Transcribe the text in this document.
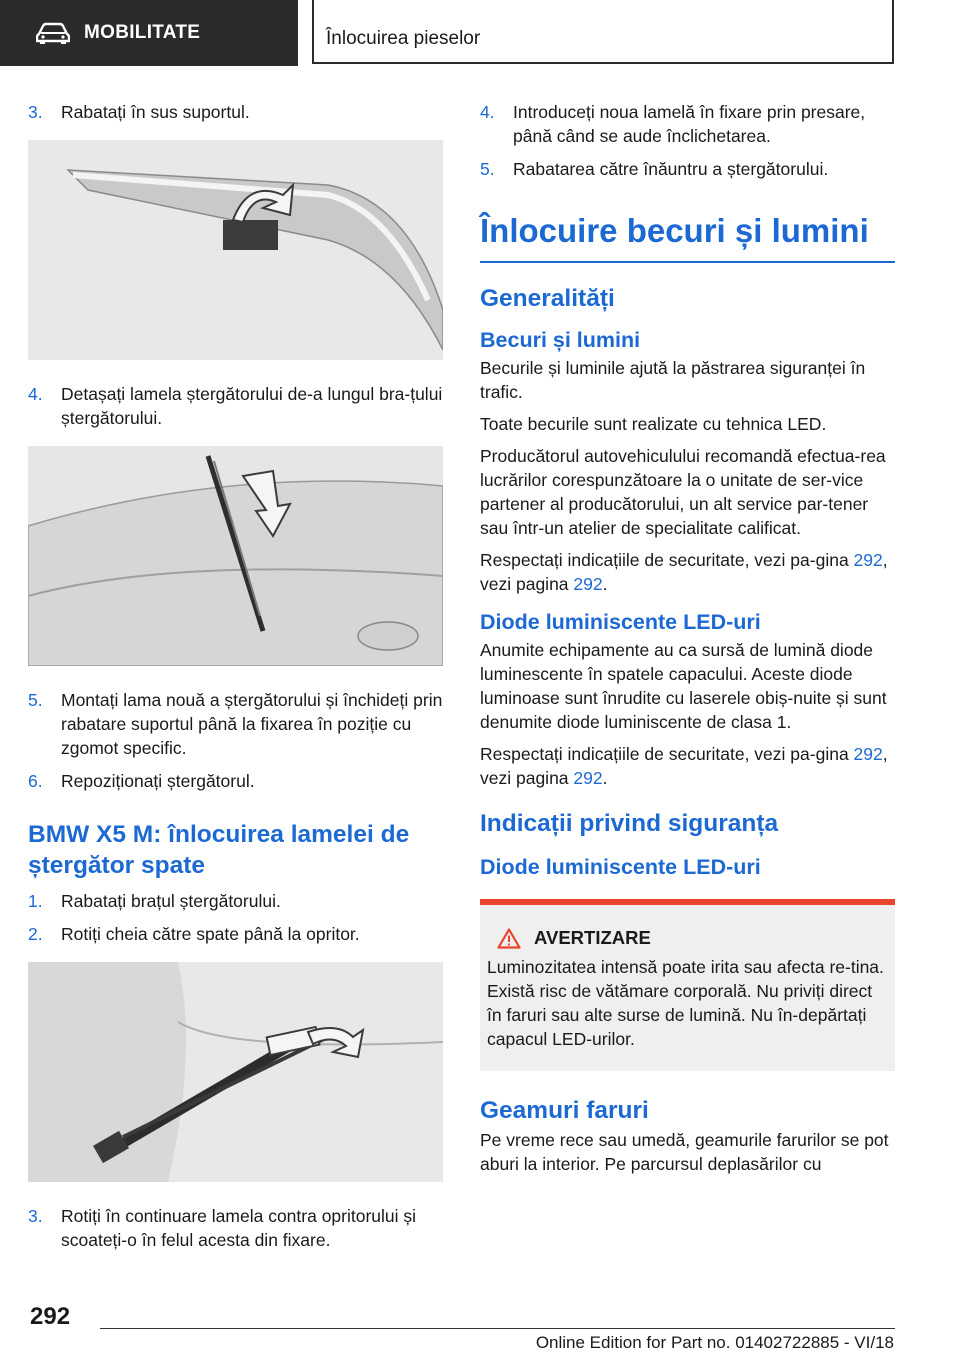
MOBILITATE	Înlocuirea pieselor
3.	Rabatați în sus suportul.
4.	Detașați lamela ștergătorului de-a lungul bra-țului ștergătorului.
5.	Montați lama nouă a ștergătorului și închideți prin rabatare suportul până la fixarea în poziție cu zgomot specific.
6.	Repoziționați ștergătorul.
BMW X5 M: înlocuirea lamelei de ștergător spate
1.	Rabatați brațul ștergătorului.
2.	Rotiți cheia către spate până la opritor.
3.	Rotiți în continuare lamela contra opritorului și scoateți-o în felul acesta din fixare.
4.	Introduceți noua lamelă în fixare prin presare, până când se aude înclichetarea.
5.	Rabatarea către înăuntru a ștergătorului.
Înlocuire becuri și lumini
Generalități
Becuri și lumini

Becurile și luminile ajută la păstrarea siguranței în trafic.

Toate becurile sunt realizate cu tehnica LED.

Producătorul autovehiculului recomandă efectua-rea lucrărilor corespunzătoare la o unitate de ser-vice partener al producătorului, un alt service par-tener sau într-un atelier de specialitate calificat.

Respectați indicațiile de securitate, vezi pa-gina 292, vezi pagina 292.

Diode luminiscente LED-uri

Anumite echipamente au ca sursă de lumină diode luminescente în spatele capacului. Aceste diode luminoase sunt înrudite cu laserele obiș-nuite și sunt denumite diode luminiscente de clasa 1.

Respectați indicațiile de securitate, vezi pa-gina 292, vezi pagina 292.

Indicații privind siguranța
Diode luminiscente LED-uri
AVERTIZARE
Luminozitatea intensă poate irita sau afecta re-tina. Există risc de vătămare corporală. Nu priviți direct în faruri sau alte surse de lumină. Nu în-depărtați capacul LED-urilor.
Geamuri faruri

Pe vreme rece sau umedă, geamurile farurilor se pot aburi la interior. Pe parcursul deplasărilor cu

292
Online Edition for Part no. 01402722885 - VI/18
